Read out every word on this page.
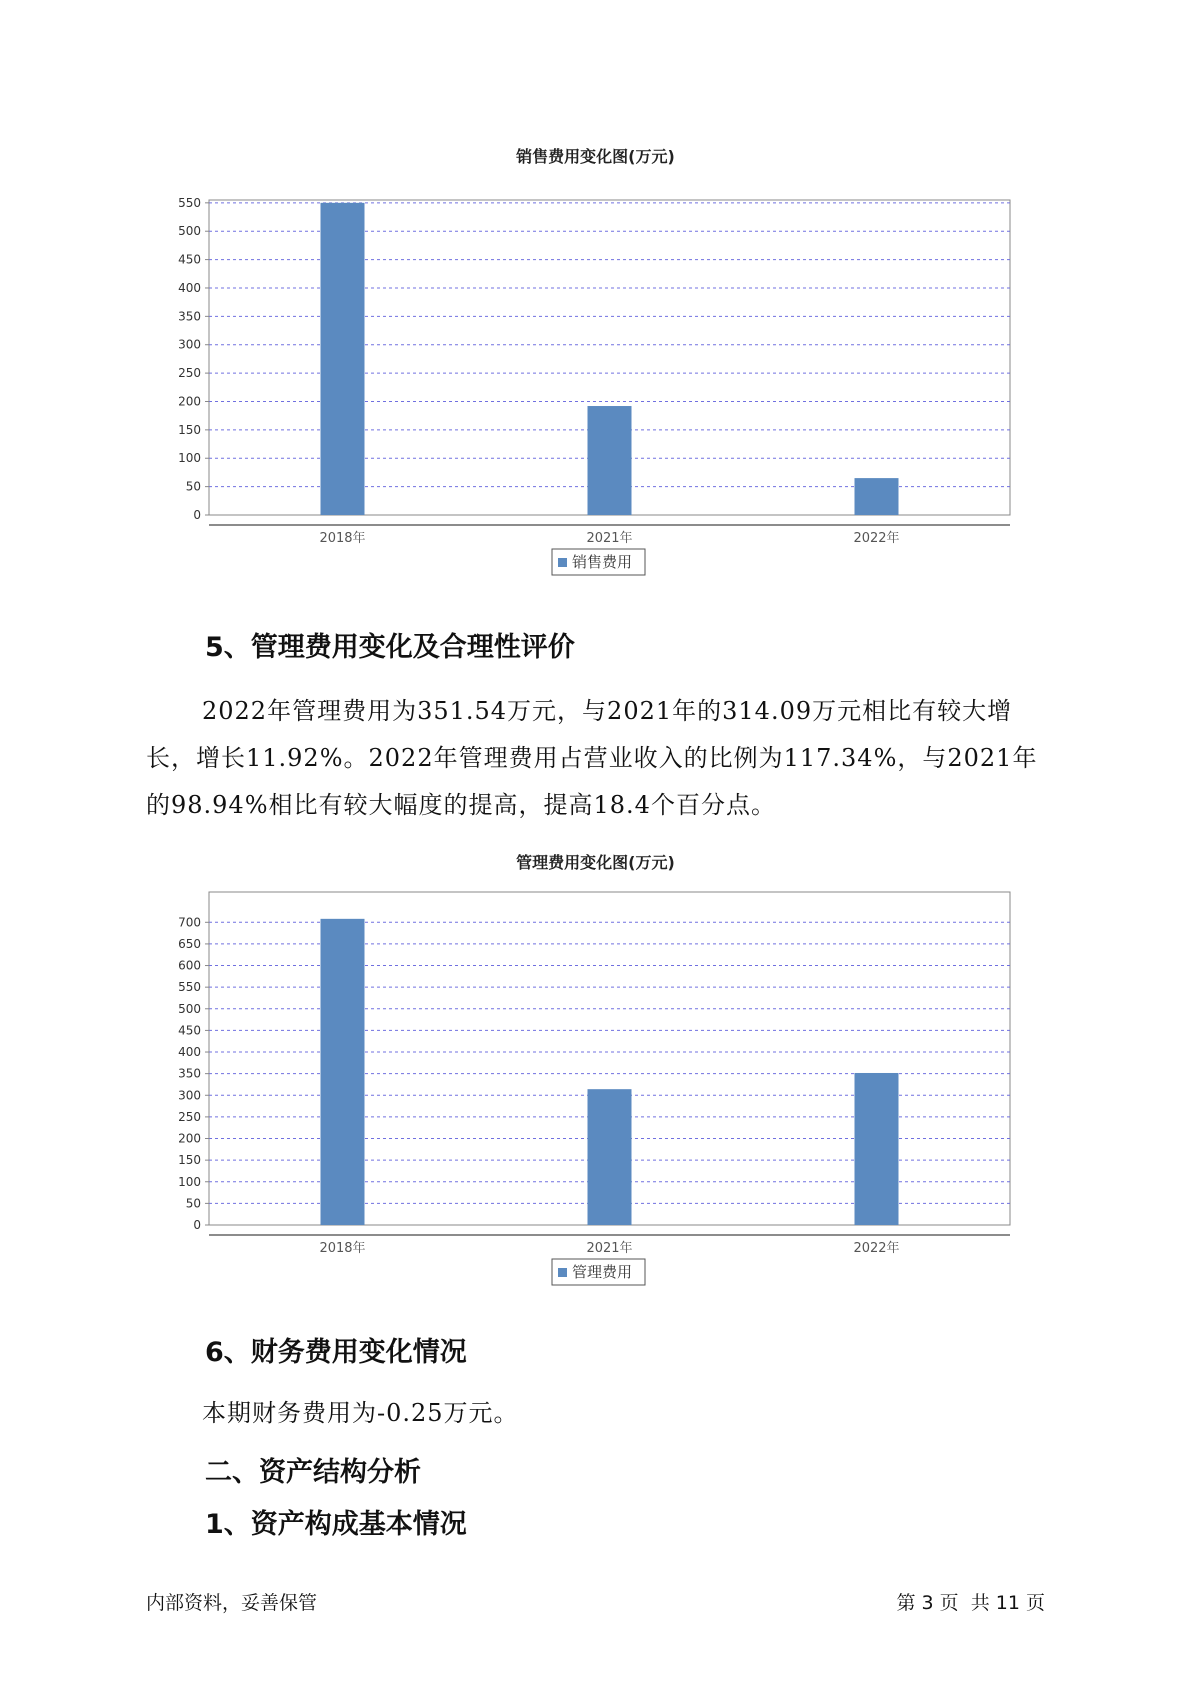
销售费用变化图(万元)
0
50
100
150
200
250
300
350
400
450
500
550
2018年	2021年	2022年
销售费用
5、管理费用变化及合理性评价
2022年管理费用为351.54万元，与2021年的314.09万元相比有较大增长，增长11.92%。2022年管理费用占营业收入的比例为117.34%，与2021年的98.94%相比有较大幅度的提高，提高18.4个百分点。
管理费用变化图(万元)
0
50
100
150
200
250
300
350
400
450
500
550
600
650
700
2018年	2021年	2022年
管理费用
6、财务费用变化情况
本期财务费用为-0.25万元。
二、资产结构分析
1、资产构成基本情况
内部资料，妥善保管	第 3 页  共 11 页
